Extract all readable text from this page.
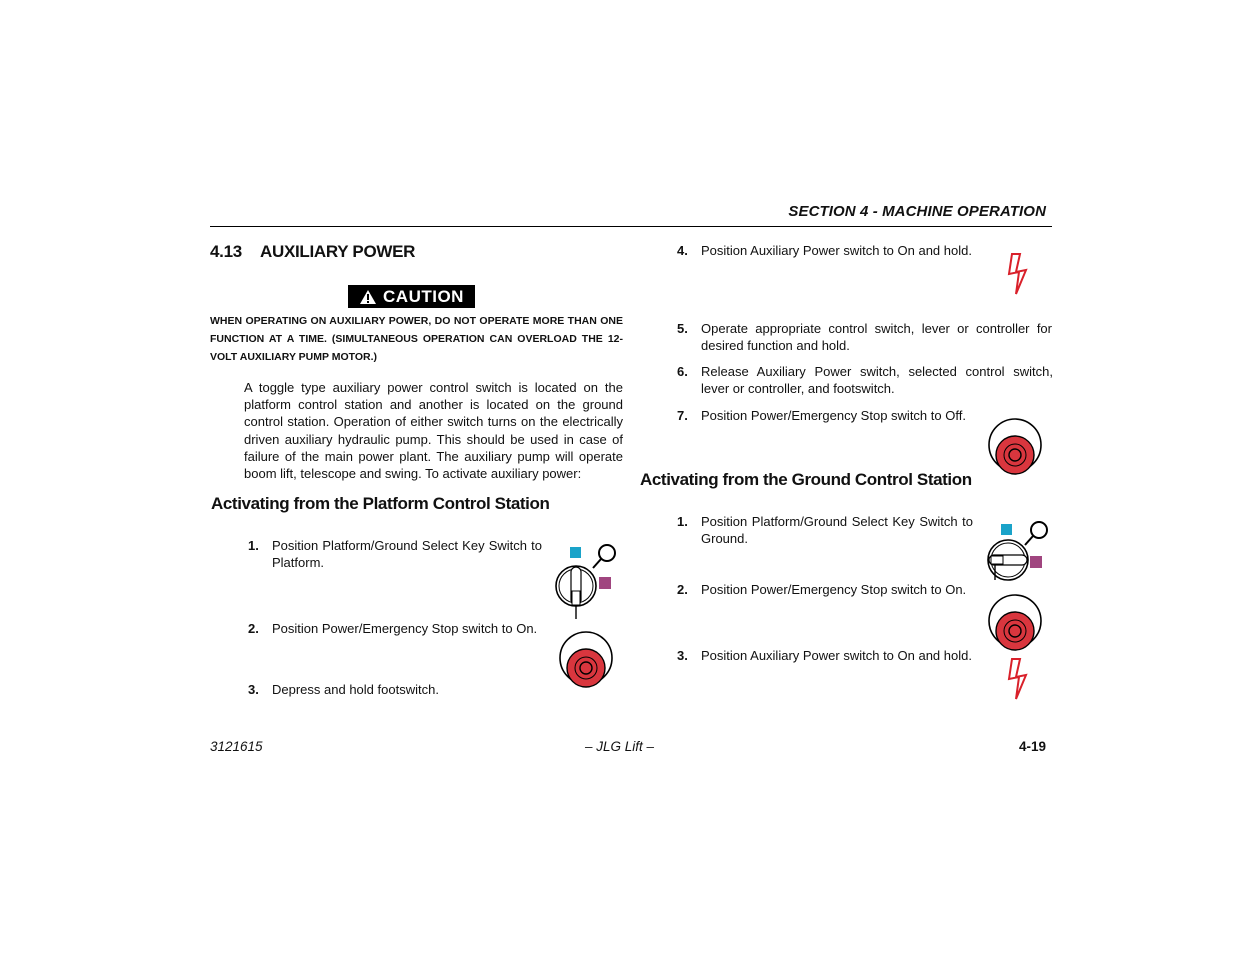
SECTION 4 - MACHINE OPERATION
4.13 AUXILIARY POWER
CAUTION
WHEN OPERATING ON AUXILIARY POWER, DO NOT OPERATE MORE THAN ONE FUNCTION AT A TIME. (SIMULTANEOUS OPERATION CAN OVERLOAD THE 12-VOLT AUXILIARY PUMP MOTOR.)
A toggle type auxiliary power control switch is located on the platform control station and another is located on the ground control station. Operation of either switch turns on the electrically driven auxiliary hydraulic pump. This should be used in case of failure of the main power plant. The auxiliary pump will operate boom lift, telescope and swing. To activate auxiliary power:
Activating from the Platform Control Station
1. Position Platform/Ground Select Key Switch to Platform.
2. Position Power/Emergency Stop switch to On.
3. Depress and hold footswitch.
4. Position Auxiliary Power switch to On and hold.
5. Operate appropriate control switch, lever or controller for desired function and hold.
6. Release Auxiliary Power switch, selected control switch, lever or controller, and footswitch.
7. Position Power/Emergency Stop switch to Off.
Activating from the Ground Control Station
1. Position Platform/Ground Select Key Switch to Ground.
2. Position Power/Emergency Stop switch to On.
3. Position Auxiliary Power switch to On and hold.
3121615	– JLG Lift –	4-19
